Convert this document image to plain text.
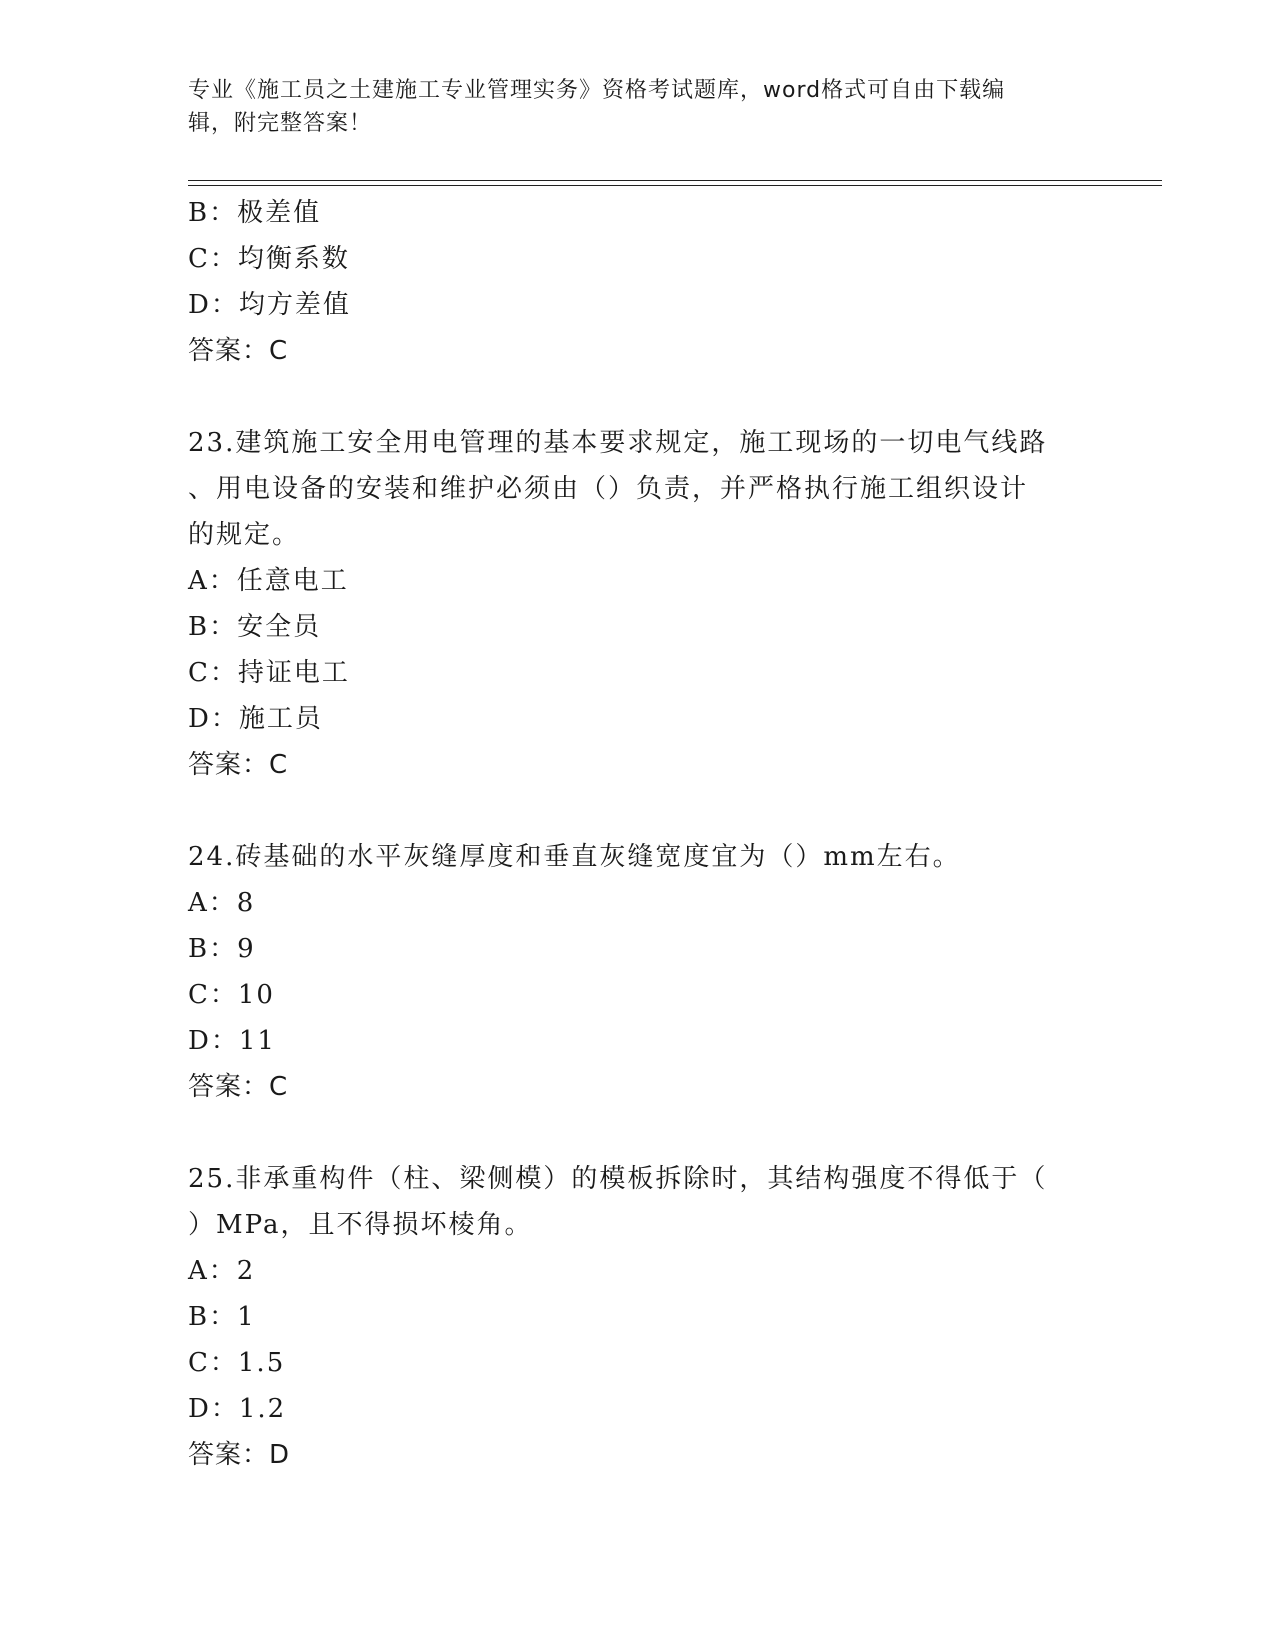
专业《施工员之土建施工专业管理实务》资格考试题库，word格式可自由下载编
辑，附完整答案！
B：极差值
C：均衡系数
D：均方差值
答案：C
23.建筑施工安全用电管理的基本要求规定，施工现场的一切电气线路
、用电设备的安装和维护必须由（）负责，并严格执行施工组织设计
的规定。
A：任意电工
B：安全员
C：持证电工
D：施工员
答案：C
24.砖基础的水平灰缝厚度和垂直灰缝宽度宜为（）mm左右。
A：8
B：9
C：10
D：11
答案：C
25.非承重构件（柱、梁侧模）的模板拆除时，其结构强度不得低于（
）MPa，且不得损坏棱角。
A：2
B：1
C：1.5
D：1.2
答案：D
